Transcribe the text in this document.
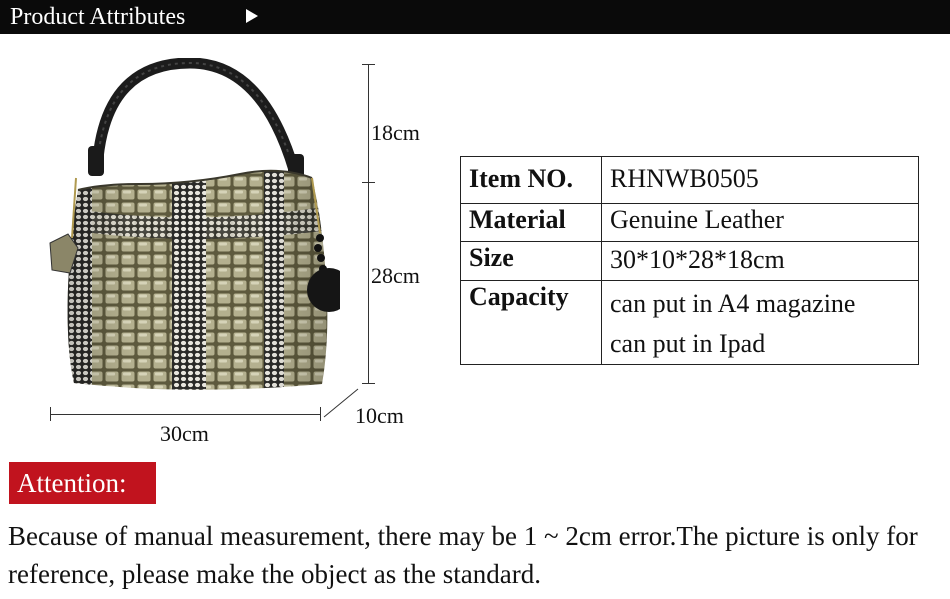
Product Attributes
18cm
28cm
30cm
10cm
Item NO.	RHNWB0505
Material	Genuine Leather
Size	30*10*28*18cm
Capacity	can put in A4 magazine
can put in Ipad
Attention:
Because of manual measurement, there may be 1 ~ 2cm error.The picture is only for reference, please make the object as the standard.
